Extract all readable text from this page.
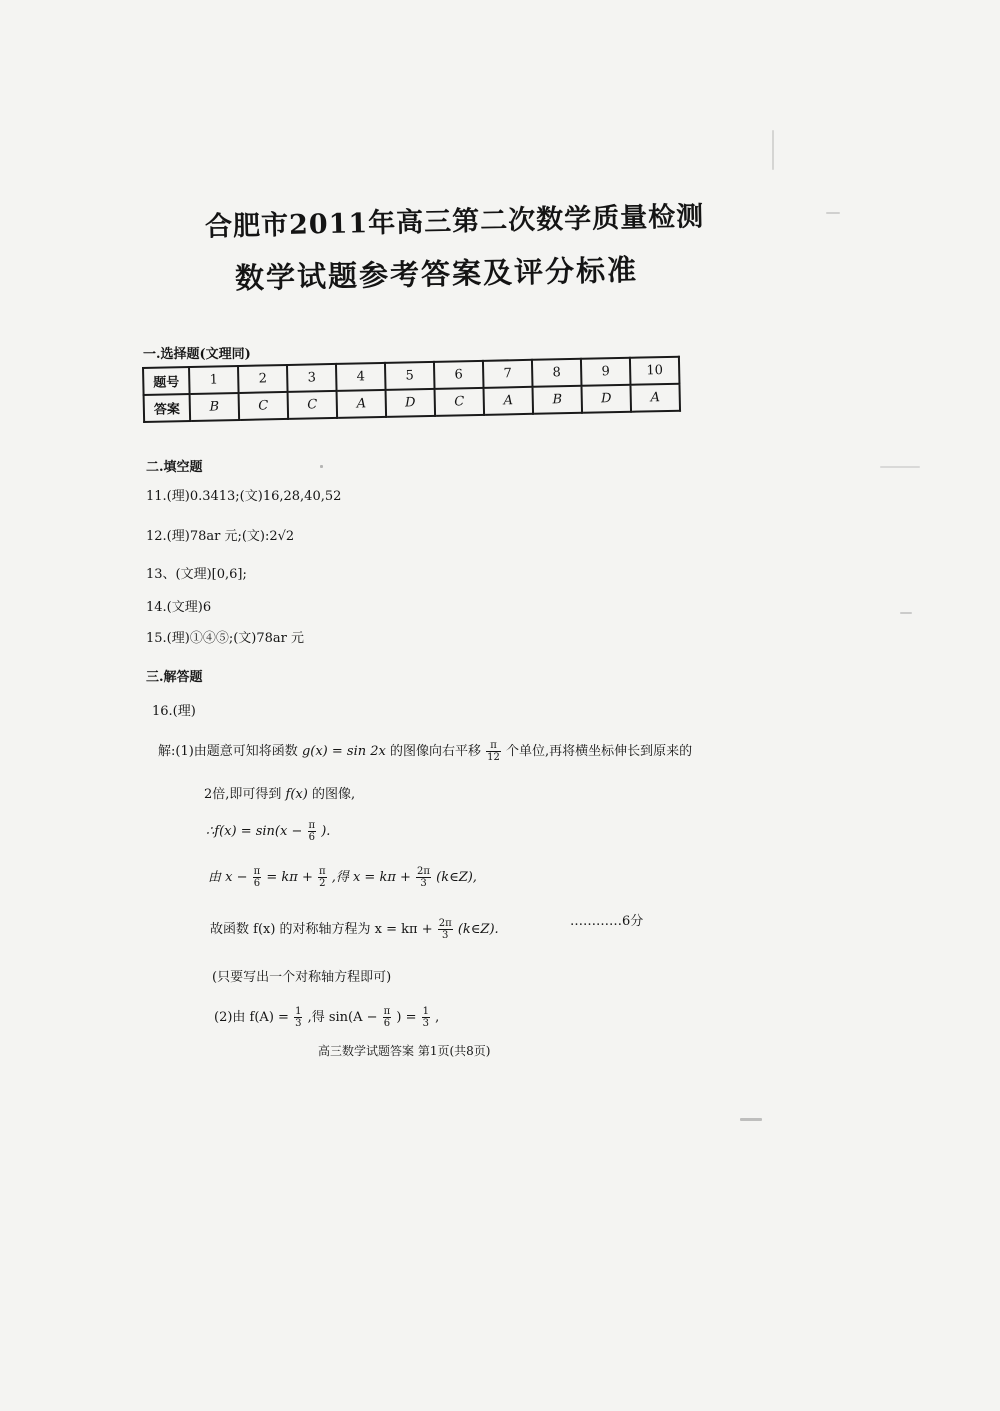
合肥市2011年高三第二次数学质量检测
数学试题参考答案及评分标准
一.选择题(文理同)
题号	1	2	3	4	5	6	7	8	9	10
答案	B	C	C	A	D	C	A	B	D	A
二.填空题
11.(理)0.3413;(文)16,28,40,52
12.(理)78ar 元;(文):2√2
13、(文理)[0,6];
14.(文理)6
15.(理)①④⑤;(文)78ar 元
三.解答题
16.(理)
解:(1)由题意可知将函数 g(x) = sin 2x 的图像向右平移 $\frac{\pi}{12}$ 个单位,再将横坐标伸长到原来的
2倍,即可得到 f(x) 的图像,
∴f(x) = $\sin(x - \frac{\pi}{6}$ ).
由 $x - \frac{\pi}{6} = k\pi + \frac{\pi}{2}$ ,得 $x = k\pi + \frac{2\pi}{3}$ (k∈Z),
故函数 f(x) 的对称轴方程为 $x = k\pi + \frac{2\pi}{3}$ (k∈Z).
…………6分
(只要写出一个对称轴方程即可)
(2)由 $f(A) = \frac{1}{3}$ ,得 $\sin(A - \frac{\pi}{6}$ ) = $\frac{1}{3}$ ,
高三数学试题答案 第1页(共8页)
